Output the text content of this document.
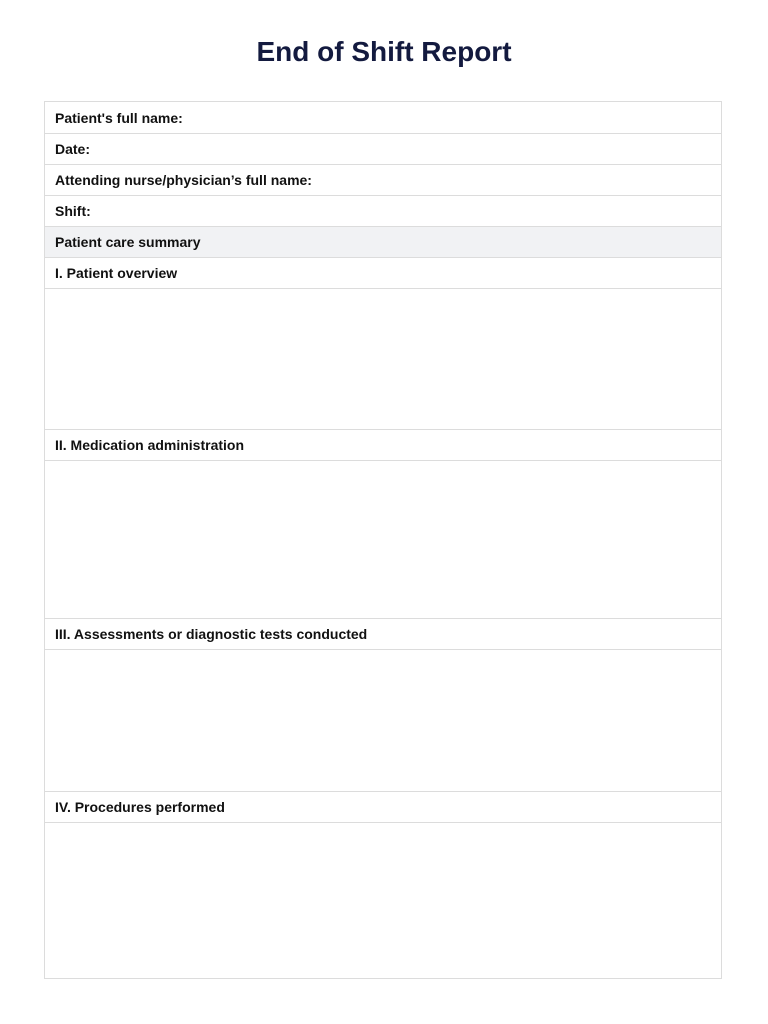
End of Shift Report
Patient's full name:
Date:
Attending nurse/physician’s full name:
Shift:
Patient care summary
I. Patient overview
II. Medication administration
III. Assessments or diagnostic tests conducted
IV. Procedures performed
